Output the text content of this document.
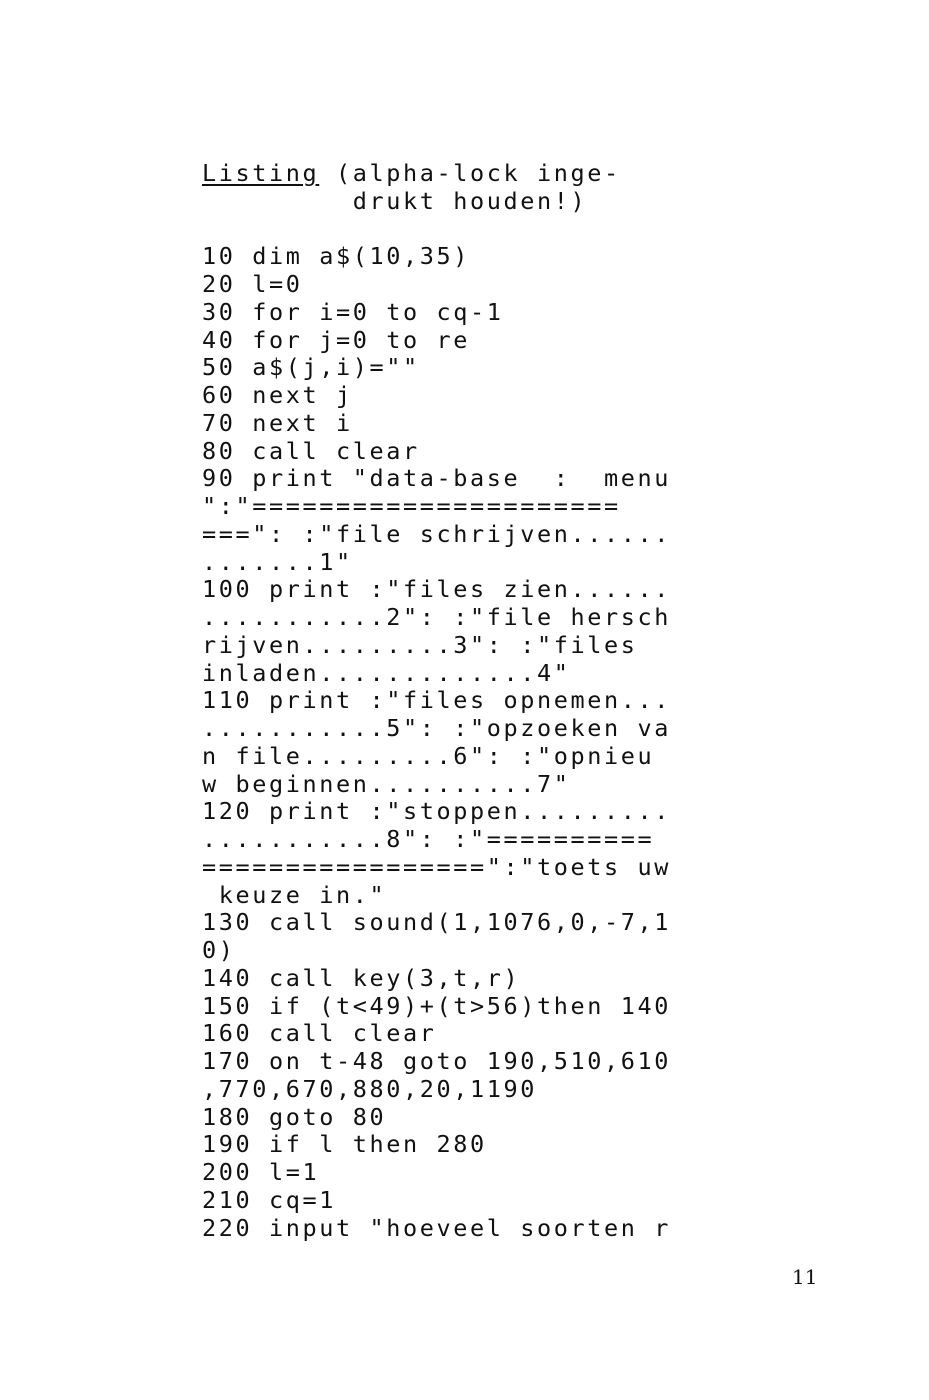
Listing (alpha-lock inge-
drukt houden!)

10 dim a$(10,35)
20 l=0
30 for i=0 to cq-1
40 for j=0 to re
50 a$(j,i)=""
60 next j
70 next i
80 call clear
90 print "data-base  :  menu
":"======================
===": :"file schrijven......
.......1"
100 print :"files zien......
...........2": :"file hersch
rijven.........3": :"files
inladen.............4"
110 print :"files opnemen...
...........5": :"opzoeken va
n file.........6": :"opnieu
w beginnen..........7"
120 print :"stoppen.........
...........8": :"==========
=================":"toets uw
keuze in."
130 call sound(1,1076,0,-7,1
0)
140 call key(3,t,r)
150 if (t<49)+(t>56)then 140
160 call clear
170 on t-48 goto 190,510,610
,770,670,880,20,1190
180 goto 80
190 if l then 280
200 l=1
210 cq=1
220 input "hoeveel soorten r
11
